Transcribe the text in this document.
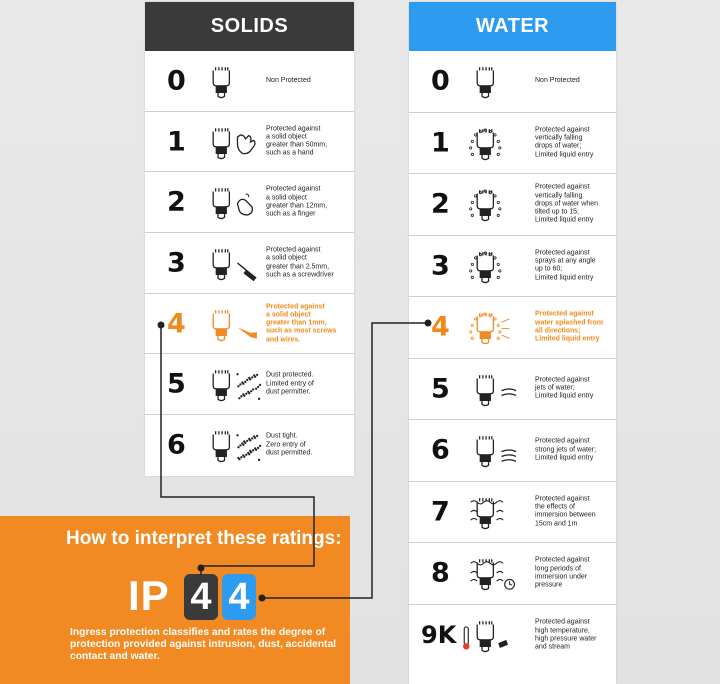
SOLIDS
0	Non Protected
1	Protected against
a solid object
greater than 50mm,
such as a hand
2	Protected against
a solid object
greater than 12mm,
such as a finger
3	Protected against
a solid object
greater than 2.5mm,
such as a screwdriver
4
Protected against
a solid object
greater than 1mm,
such as most screws
and wires.
5	Dust protected.
Limited entry of
dust permitter.
6	Dust tight.
Zero entry of
dust permitted.
WATER
0	Non Protected
1	Protected against
vertically falling
drops of water;
Limited liquid entry
2
Protected against
vertically falling
drops of water when
tilted up to 15;
Limited liquid entry
3	Protected against
sprays at any angle
up to 60;
Limited liquid entry
4	Protected against
water splashed from
all directions;
Limited liquid entry
5	Protected against
jets of water;
Limited liquid entry
6	Protected against
strong jets of water;
Limited liquid entry
7	Protected against
the effects of
immersion between
15cm and 1m
8	Protected against
long periods of
immersion under
pressure
9K	Protected against
high temperature,
high pressure water
and stream
How to interpret these ratings:
IP 4 4
Ingress protection classifies and rates the degree of protection provided against intrusion, dust, accidental contact and water.
